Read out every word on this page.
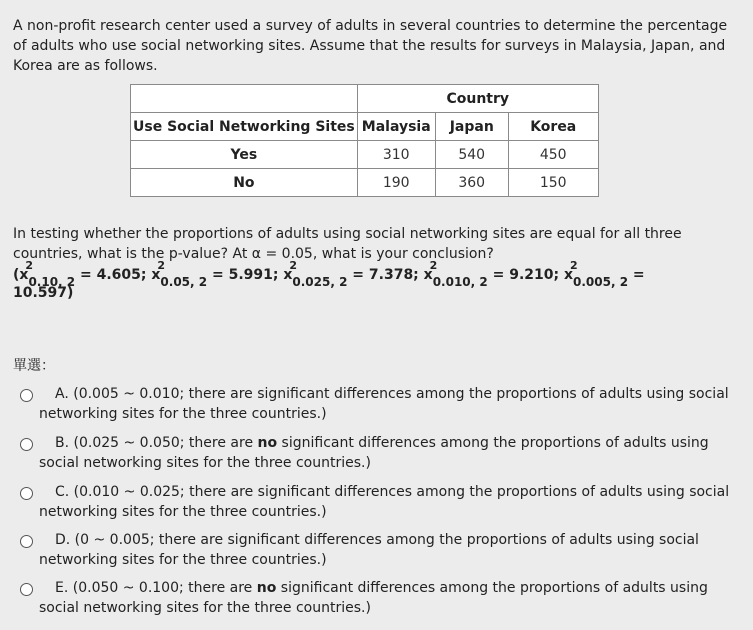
A non-profit research center used a survey of adults in several countries to determine the percentage of adults who use social networking sites. Assume that the results for surveys in Malaysia, Japan, and Korea are as follows.

	Country		
Use Social Networking Sites	Malaysia	Japan	Korea
Yes	310	540	450
No	190	360	150

In testing whether the proportions of adults using social networking sites are equal for all three countries, what is the p-value? At α = 0.05, what is your conclusion?

(x
2
0.10, 2 = 4.605; x
2
0.05, 2 = 5.991; x
2
0.025, 2 = 7.378; x
2
0.010, 2 = 9.210; x
2
0.005, 2 =
10.597)
單選：
A. (0.005 ~ 0.010; there are significant differences among the proportions of adults using social networking sites for the three countries.)
B. (0.025 ~ 0.050; there are no significant differences among the proportions of adults using social networking sites for the three countries.)
C. (0.010 ~ 0.025; there are significant differences among the proportions of adults using social networking sites for the three countries.)
D. (0 ~ 0.005; there are significant differences among the proportions of adults using social networking sites for the three countries.)
E. (0.050 ~ 0.100; there are no significant differences among the proportions of adults using social networking sites for the three countries.)
